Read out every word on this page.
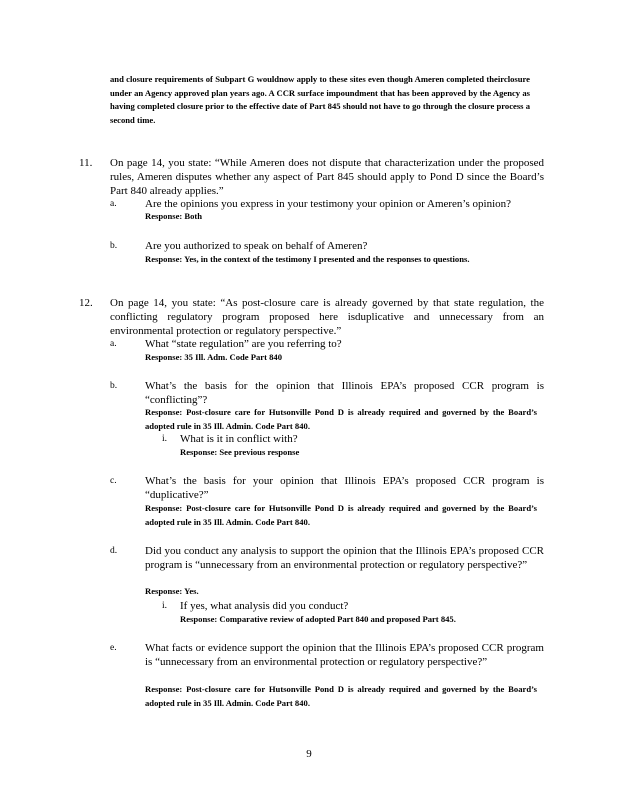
and closure requirements of Subpart G wouldnow apply to these sites even though Ameren completed theirclosure under an Agency approved plan years ago. A CCR surface impoundment that has been approved by the Agency as having completed closure prior to the effective date of Part 845 should not have to go through the closure process a second time.
11. On page 14, you state: “While Ameren does not dispute that characterization under the proposed rules, Ameren disputes whether any aspect of Part 845 should apply to Pond D since the Board’s Part 840 already applies.”
a.	Are the opinions you express in your testimony your opinion or Ameren’s opinion?
Response: Both
b.	Are you authorized to speak on behalf of Ameren?
Response: Yes, in the context of the testimony I presented and the responses to questions.
12. On page 14, you state: “As post-closure care is already governed by that state regulation, the conflicting regulatory program proposed here isduplicative and unnecessary from an environmental protection or regulatory perspective.”
a.	What “state regulation” are you referring to?
Response: 35 Ill. Adm. Code Part 840
b.	What’s the basis for the opinion that Illinois EPA’s proposed CCR program is “conflicting”?
Response: Post-closure care for Hutsonville Pond D is already required and governed by the Board’s adopted rule in 35 Ill. Admin. Code Part 840.
i. What is it in conflict with?
Response: See previous response
c.	What’s the basis for your opinion that Illinois EPA’s proposed CCR program is “duplicative?”
Response: Post-closure care for Hutsonville Pond D is already required and governed by the Board’s adopted rule in 35 Ill. Admin. Code Part 840.
d.	Did you conduct any analysis to support the opinion that the Illinois EPA’s proposed CCR program is “unnecessary from an environmental protection or regulatory perspective?”
Response: Yes.
i. If yes, what analysis did you conduct?
Response: Comparative review of adopted Part 840 and proposed Part 845.
e.	What facts or evidence support the opinion that the Illinois EPA’s proposed CCR program is “unnecessary from an environmental protection or regulatory perspective?”
Response: Post-closure care for Hutsonville Pond D is already required and governed by the Board’s adopted rule in 35 Ill. Admin. Code Part 840.
9
